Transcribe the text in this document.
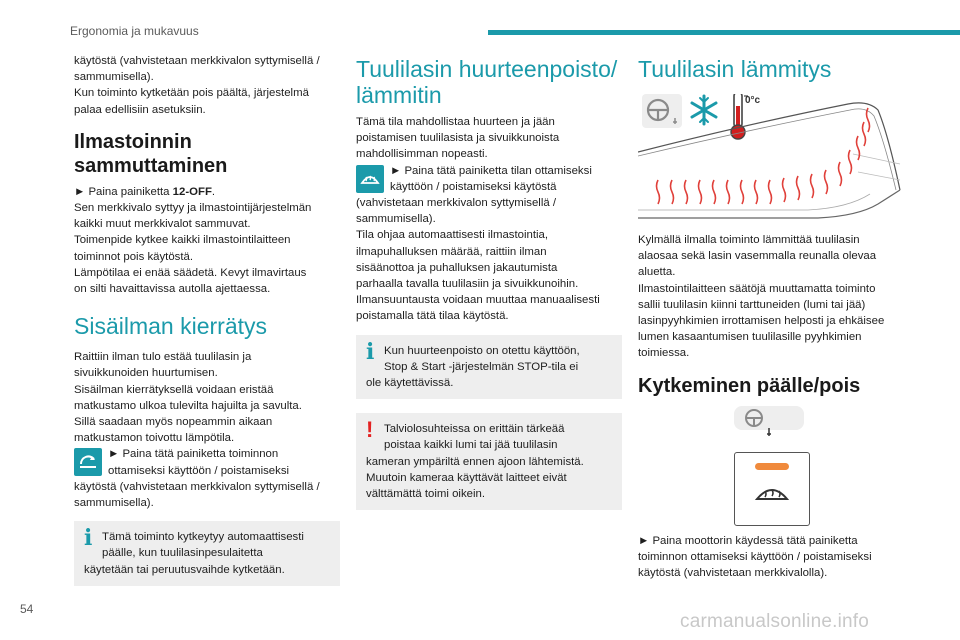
Ergonomia ja mukavuus
54
carmanualsonline.info

käytöstä (vahvistetaan merkkivalon syttymisellä /

sammumisella).

Kun toiminto kytketään pois päältä, järjestelmä

palaa edellisiin asetuksiin.

Ilmastoinnin
sammuttaminen

► Paina painiketta 12-OFF.

Sen merkkivalo syttyy ja ilmastointijärjestelmän

kaikki muut merkkivalot sammuvat.

Toimenpide kytkee kaikki ilmastointilaitteen

toiminnot pois käytöstä.

Lämpötilaa ei enää säädetä. Kevyt ilmavirtaus

on silti havaittavissa autolla ajettaessa.

Sisäilman kierrätys

Raittiin ilman tulo estää tuulilasin ja

sivuikkunoiden huurtumisen.

Sisäilman kierrätyksellä voidaan eristää

matkustamo ulkoa tulevilta hajuilta ja savulta.

Sillä saadaan myös nopeammin aikaan

matkustamon toivottu lämpötila.

► Paina tätä painiketta toiminnon

ottamiseksi käyttöön / poistamiseksi

käytöstä (vahvistetaan merkkivalon syttymisellä /

sammumisella).

i Tämä toiminto kytkeytyy automaattisesti

päälle, kun tuulilasinpesulaitetta

käytetään tai peruutusvaihde kytketään.

Tuulilasin huurteenpoisto/
lämmitin

Tämä tila mahdollistaa huurteen ja jään

poistamisen tuulilasista ja sivuikkunoista

mahdollisimman nopeasti.

► Paina tätä painiketta tilan ottamiseksi

käyttöön / poistamiseksi käytöstä

(vahvistetaan merkkivalon syttymisellä /

sammumisella).

Tila ohjaa automaattisesti ilmastointia,

ilmapuhalluksen määrää, raittiin ilman

sisäänottoa ja puhalluksen jakautumista

parhaalla tavalla tuulilasiin ja sivuikkunoihin.

Ilmansuuntausta voidaan muuttaa manuaalisesti

poistamalla tätä tilaa käytöstä.

i Kun huurteenpoisto on otettu käyttöön,

Stop & Start -järjestelmän STOP-tila ei

ole käytettävissä.

! Talviolosuhteissa on erittäin tärkeää

poistaa kaikki lumi tai jää tuulilasin

kameran ympäriltä ennen ajoon lähtemistä.

Muutoin kameraa käyttävät laitteet eivät

välttämättä toimi oikein.

Tuulilasin lämmitys
0°c

Kylmällä ilmalla toiminto lämmittää tuulilasin

alaosaa sekä lasin vasemmalla reunalla olevaa

aluetta.

Ilmastointilaitteen säätöjä muuttamatta toiminto

sallii tuulilasin kiinni tarttuneiden (lumi tai jää)

lasinpyyhkimien irrottamisen helposti ja ehkäisee

lumen kasaantumisen tuulilasille pyyhkimien

toimiessa.

Kytkeminen päälle/pois

► Paina moottorin käydessä tätä painiketta

toiminnon ottamiseksi käyttöön / poistamiseksi

käytöstä (vahvistetaan merkkivalolla).
